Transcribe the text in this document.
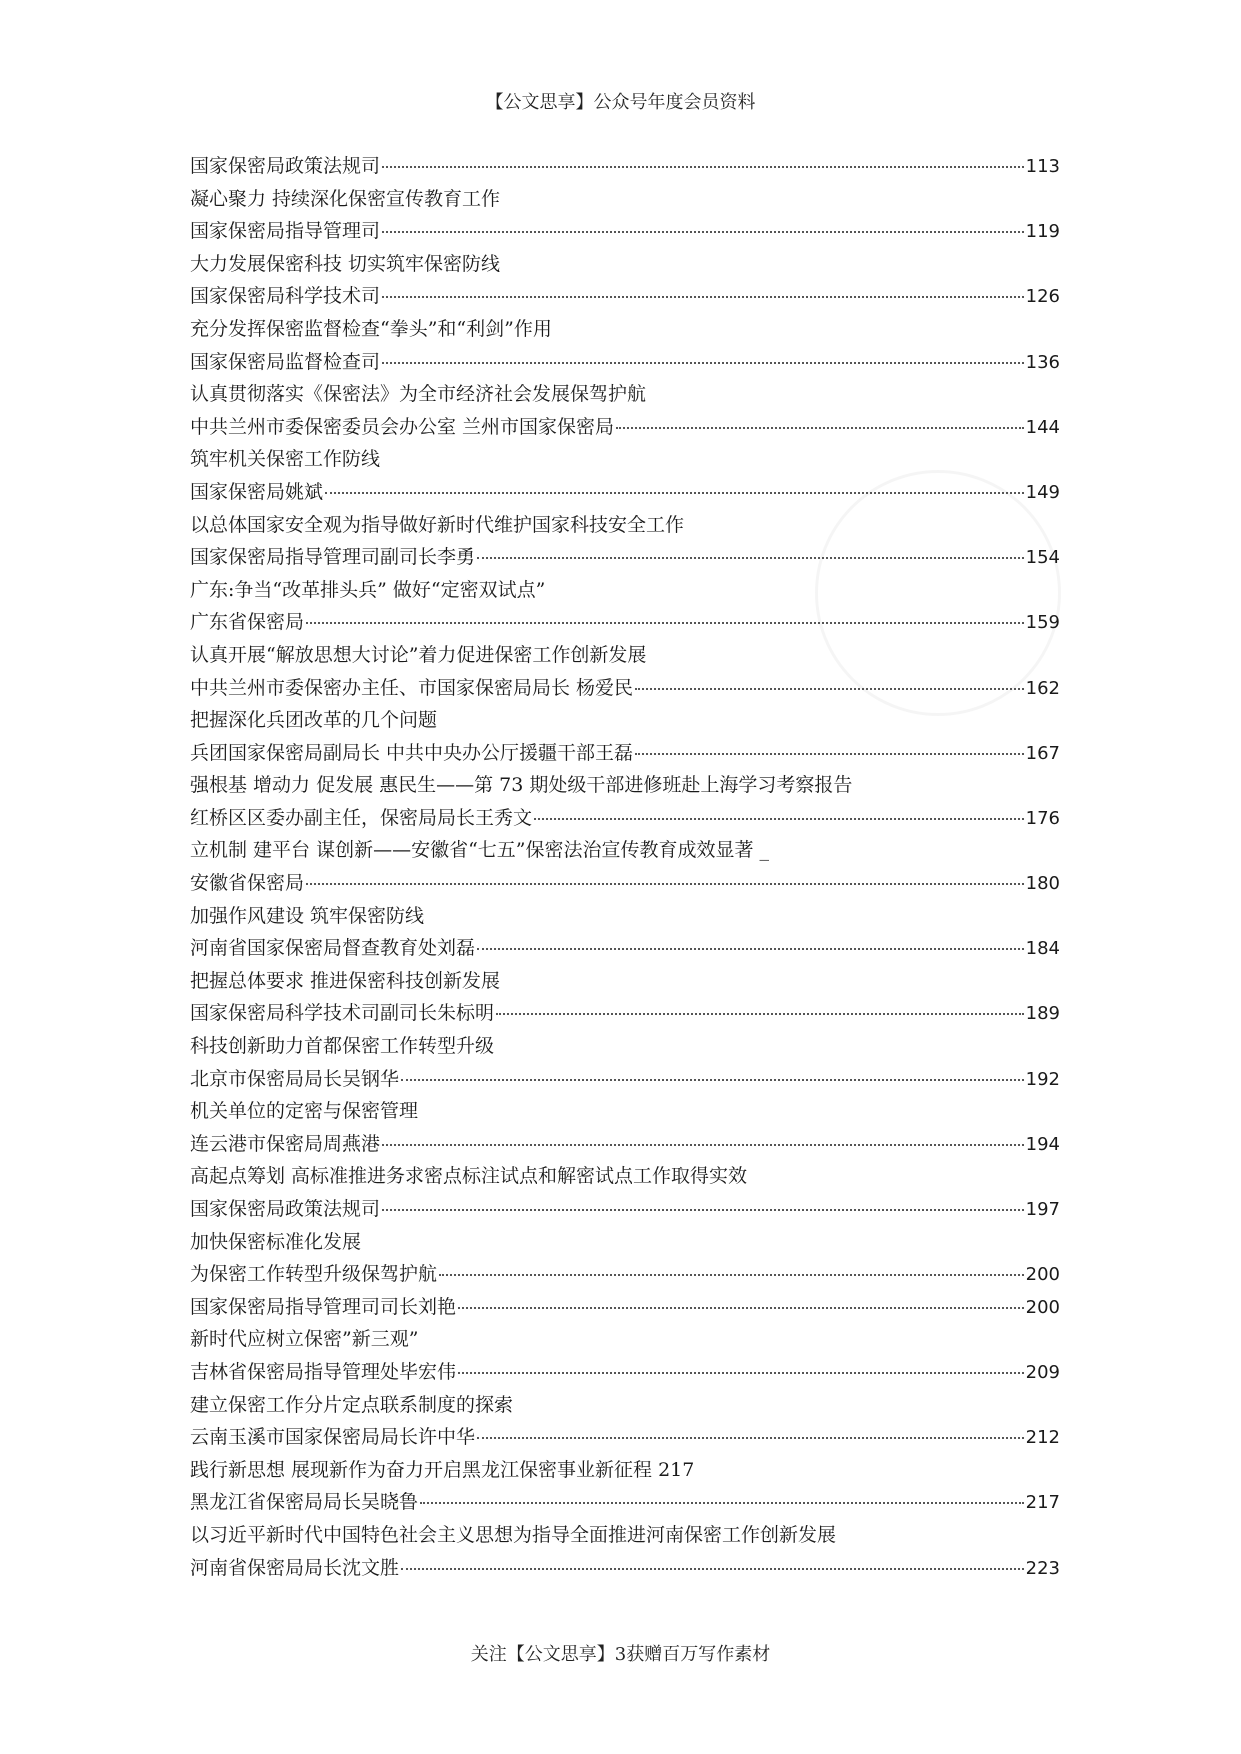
【公文思享】公众号年度会员资料
国家保密局政策法规司	113
凝心聚力 持续深化保密宣传教育工作
国家保密局指导管理司	119
大力发展保密科技 切实筑牢保密防线
国家保密局科学技术司	126
充分发挥保密监督检查“拳头”和“利剑”作用
国家保密局监督检查司	136
认真贯彻落实《保密法》为全市经济社会发展保驾护航
中共兰州市委保密委员会办公室 兰州市国家保密局	144
筑牢机关保密工作防线
国家保密局姚斌	149
以总体国家安全观为指导做好新时代维护国家科技安全工作
国家保密局指导管理司副司长李勇	154
广东:争当“改革排头兵” 做好“定密双试点”
广东省保密局	159
认真开展“解放思想大讨论”着力促进保密工作创新发展
中共兰州市委保密办主任、市国家保密局局长 杨爱民	162
把握深化兵团改革的几个问题
兵团国家保密局副局长 中共中央办公厅援疆干部王磊	167
强根基 增动力 促发展 惠民生——第 73 期处级干部进修班赴上海学习考察报告
红桥区区委办副主任，保密局局长王秀文	176
立机制 建平台 谋创新——安徽省“七五”保密法治宣传教育成效显著 _
安徽省保密局	180
加强作风建设 筑牢保密防线
河南省国家保密局督查教育处刘磊	184
把握总体要求 推进保密科技创新发展
国家保密局科学技术司副司长朱标明	189
科技创新助力首都保密工作转型升级
北京市保密局局长吴钢华	192
机关单位的定密与保密管理
连云港市保密局周燕港	194
高起点筹划 高标准推进务求密点标注试点和解密试点工作取得实效
国家保密局政策法规司	197
加快保密标准化发展
为保密工作转型升级保驾护航	200
国家保密局指导管理司司长刘艳	200
新时代应树立保密”新三观”
吉林省保密局指导管理处毕宏伟	209
建立保密工作分片定点联系制度的探索
云南玉溪市国家保密局局长许中华	212
践行新思想 展现新作为奋力开启黑龙江保密事业新征程 217
黑龙江省保密局局长吴晓鲁	217
以习近平新时代中国特色社会主义思想为指导全面推进河南保密工作创新发展
河南省保密局局长沈文胜	223
关注【公文思享】3获赠百万写作素材
